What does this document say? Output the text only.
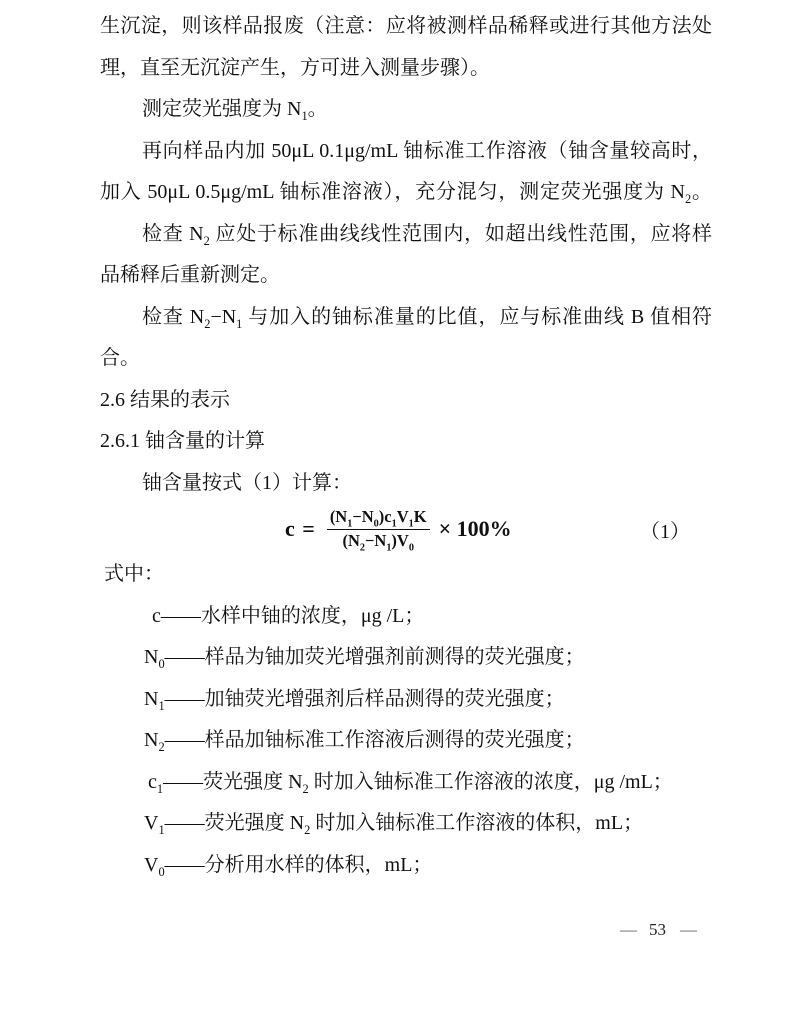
生沉淀，则该样品报废（注意：应将被测样品稀释或进行其他方法处
理，直至无沉淀产生，方可进入测量步骤）。
测定荧光强度为 $N_1$。
再向样品内加 50μL 0.1μg/mL 铀标准工作溶液（铀含量较高时，
加入 50μL 0.5μg/mL 铀标准溶液），充分混匀，测定荧光强度为 $N_2$。
检查 $N_2$ 应处于标准曲线线性范围内，如超出线性范围，应将样
品稀释后重新测定。
检查 $N_2-N_1$ 与加入的铀标准量的比值，应与标准曲线 B 值相符
合。
2.6 结果的表示
2.6.1 铀含量的计算
铀含量按式（1）计算：
$c = \frac{(N_1-N_0)c_1V_1K}{(N_2-N_1)V_0} \times 100\%$	（1）
式中：
c——水样中铀的浓度，μg /L；
$N_0——$样品为铀加荧光增强剂前测得的荧光强度；
$N_1——$加铀荧光增强剂后样品测得的荧光强度；
$N_2——$样品加铀标准工作溶液后测得的荧光强度；
$c_1——$荧光强度 $N_2$ 时加入铀标准工作溶液的浓度，μg /mL；
$V_1——$荧光强度 $N_2$ 时加入铀标准工作溶液的体积，mL；
$V_0——$分析用水样的体积，mL；
— 53 —
